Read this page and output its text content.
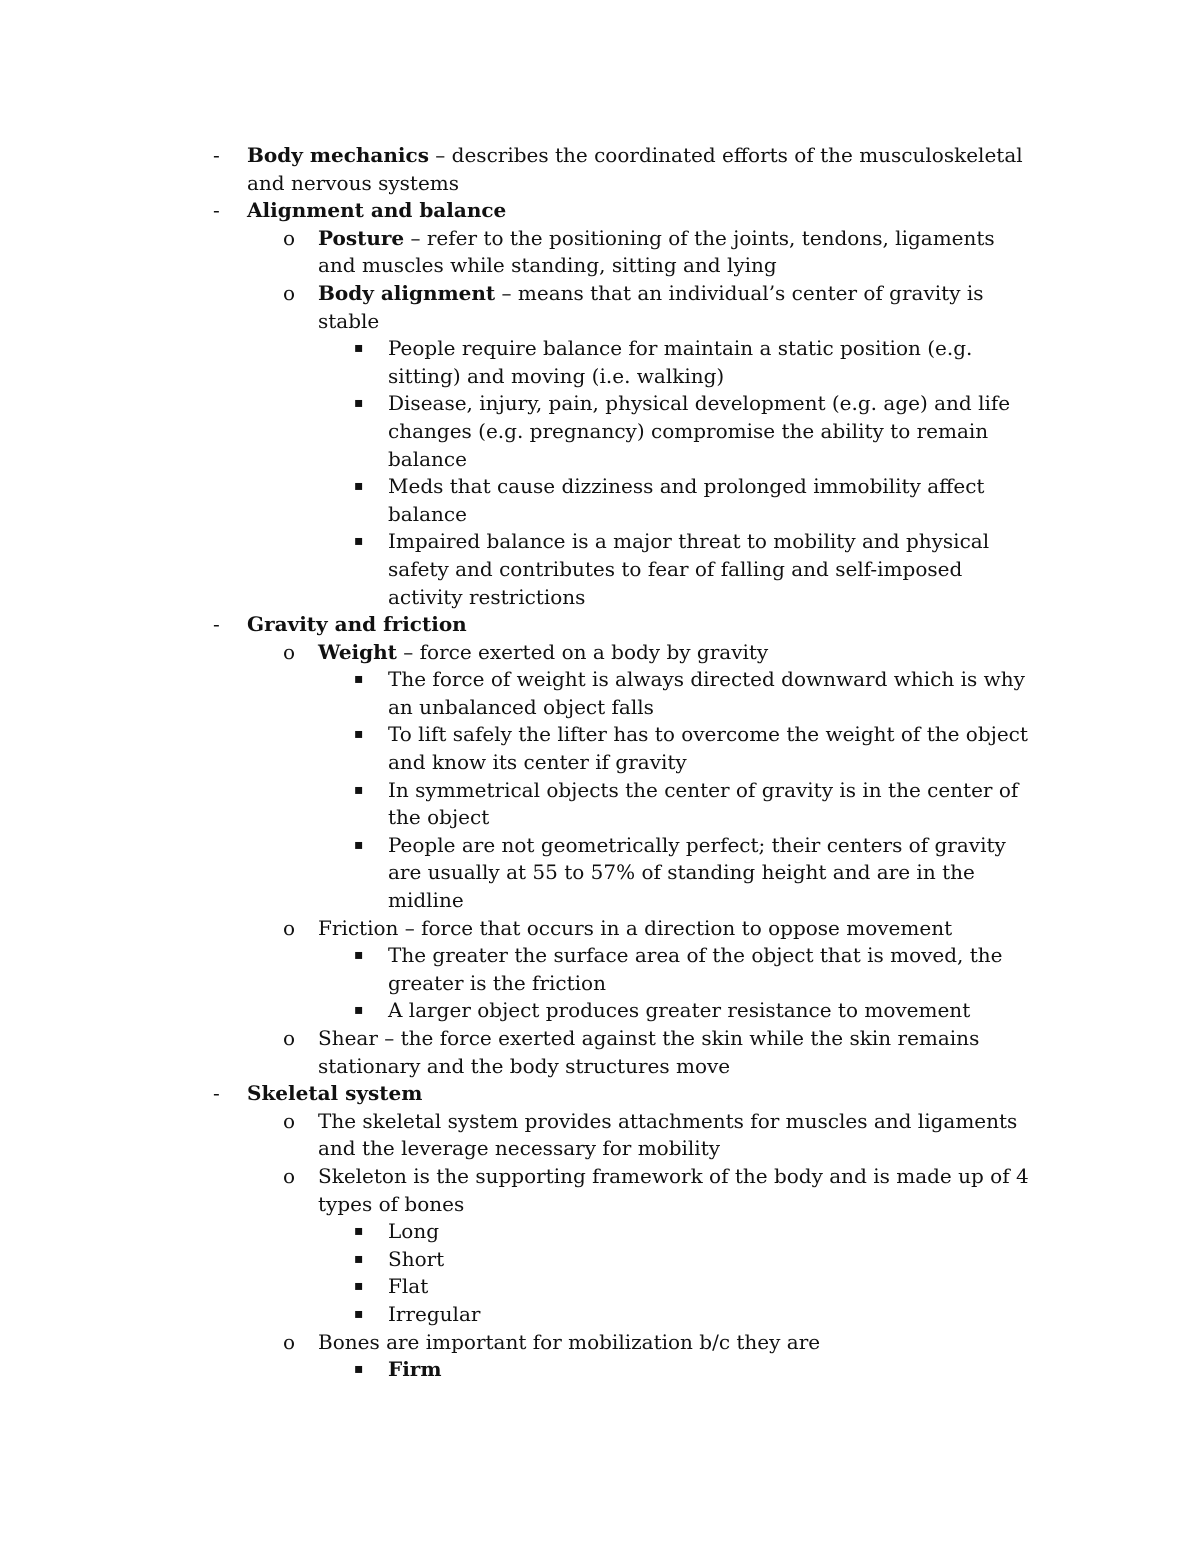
- Body mechanics – describes the coordinated efforts of the musculoskeletal and nervous systems

- Alignment and balance

o Posture – refer to the positioning of the joints, tendons, ligaments and muscles while standing, sitting and lying

o Body alignment – means that an individual’s center of gravity is stable

▪ People require balance for maintain a static position (e.g. sitting) and moving (i.e. walking)

▪ Disease, injury, pain, physical development (e.g. age) and life changes (e.g. pregnancy) compromise the ability to remain balance

▪ Meds that cause dizziness and prolonged immobility affect balance

▪ Impaired balance is a major threat to mobility and physical safety and contributes to fear of falling and self-imposed activity restrictions

- Gravity and friction

o Weight – force exerted on a body by gravity

▪ The force of weight is always directed downward which is why an unbalanced object falls

▪ To lift safely the lifter has to overcome the weight of the object and know its center if gravity

▪ In symmetrical objects the center of gravity is in the center of the object

▪ People are not geometrically perfect; their centers of gravity are usually at 55 to 57% of standing height and are in the midline

o Friction – force that occurs in a direction to oppose movement

▪ The greater the surface area of the object that is moved, the greater is the friction

▪ A larger object produces greater resistance to movement

o Shear – the force exerted against the skin while the skin remains stationary and the body structures move

- Skeletal system

o The skeletal system provides attachments for muscles and ligaments and the leverage necessary for mobility

o Skeleton is the supporting framework of the body and is made up of 4 types of bones

▪ Long

▪ Short

▪ Flat

▪ Irregular

o Bones are important for mobilization b/c they are

▪ Firm
